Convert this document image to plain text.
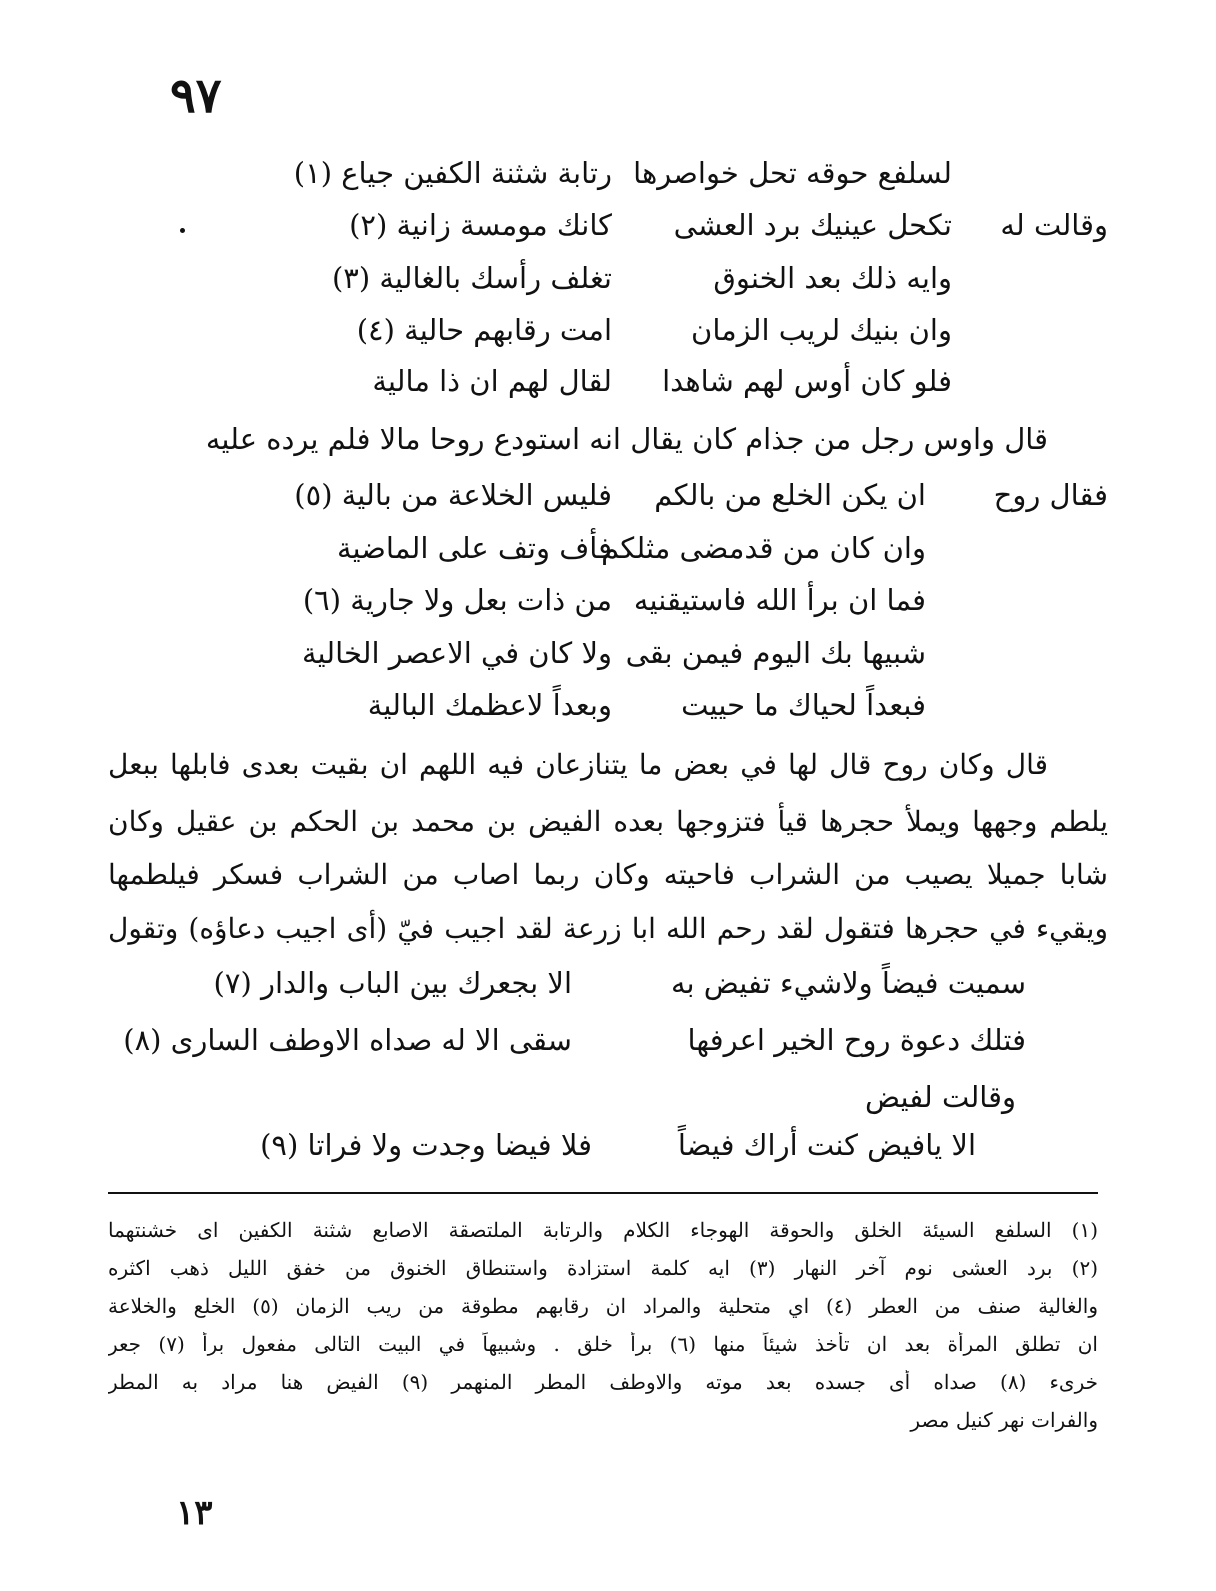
٩٧
لسلفع حوقه تحل خواصرها
رتابة شثنة الكفين جياع (١)
وقالت له
تكحل عينيك برد العشى
كانك مومسة زانية (٢)
وايه ذلك بعد الخنوق
تغلف رأسك بالغالية (٣)
وان بنيك لريب الزمان
امت رقابهم حالية (٤)
فلو كان أوس لهم شاهدا
لقال لهم ان ذا مالية
قال واوس رجل من جذام كان يقال انه استودع روحا مالا فلم يرده عليه
فقال روح
ان يكن الخلع من بالكم
فليس الخلاعة من بالية (٥)
وان كان من قدمضى مثلكم
فأف وتف على الماضية
فما ان برأ الله فاستيقنيه
من ذات بعل ولا جارية (٦)
شبيها بك اليوم فيمن بقى
ولا كان في الاعصر الخالية
فبعداً لحياك ما حييت
وبعداً لاعظمك البالية
قال وكان روح قال لها في بعض ما يتنازعان فيه اللهم ان بقيت بعدى فابلها ببعل
يلطم وجهها ويملأ حجرها قيأ فتزوجها بعده الفيض بن محمد بن الحكم بن عقيل وكان
شابا جميلا يصيب من الشراب فاحيته وكان ربما اصاب من الشراب فسكر فيلطمها
ويقيء في حجرها فتقول لقد رحم الله ابا زرعة لقد اجيب فيّ (أى اجيب دعاؤه) وتقول
سميت فيضاً ولاشيء تفيض به
الا بجعرك بين الباب والدار (٧)
فتلك دعوة روح الخير اعرفها
سقى الا له صداه الاوطف السارى (٨)
وقالت لفيض
الا يافيض كنت أراك فيضاً
فلا فيضا وجدت ولا فراتا (٩)
(١) السلفع السيئة الخلق والحوقة الهوجاء الكلام والرتابة الملتصقة الاصابع شثنة الكفين اى خشنتهما
(٢) برد العشى نوم آخر النهار (٣) ايه كلمة استزادة واستنطاق الخنوق من خفق الليل ذهب اكثره
والغالية صنف من العطر (٤) اي متحلية والمراد ان رقابهم مطوقة من ريب الزمان (٥) الخلع والخلاعة
ان تطلق المرأة بعد ان تأخذ شيئاً منها (٦) برأ خلق . وشبيهاً في البيت التالى مفعول برأ (٧) جعر
خرىء (٨) صداه أى جسده بعد موته والاوطف المطر المنهمر (٩) الفيض هنا مراد به المطر
والفرات نهر كنيل مصر
١٣
